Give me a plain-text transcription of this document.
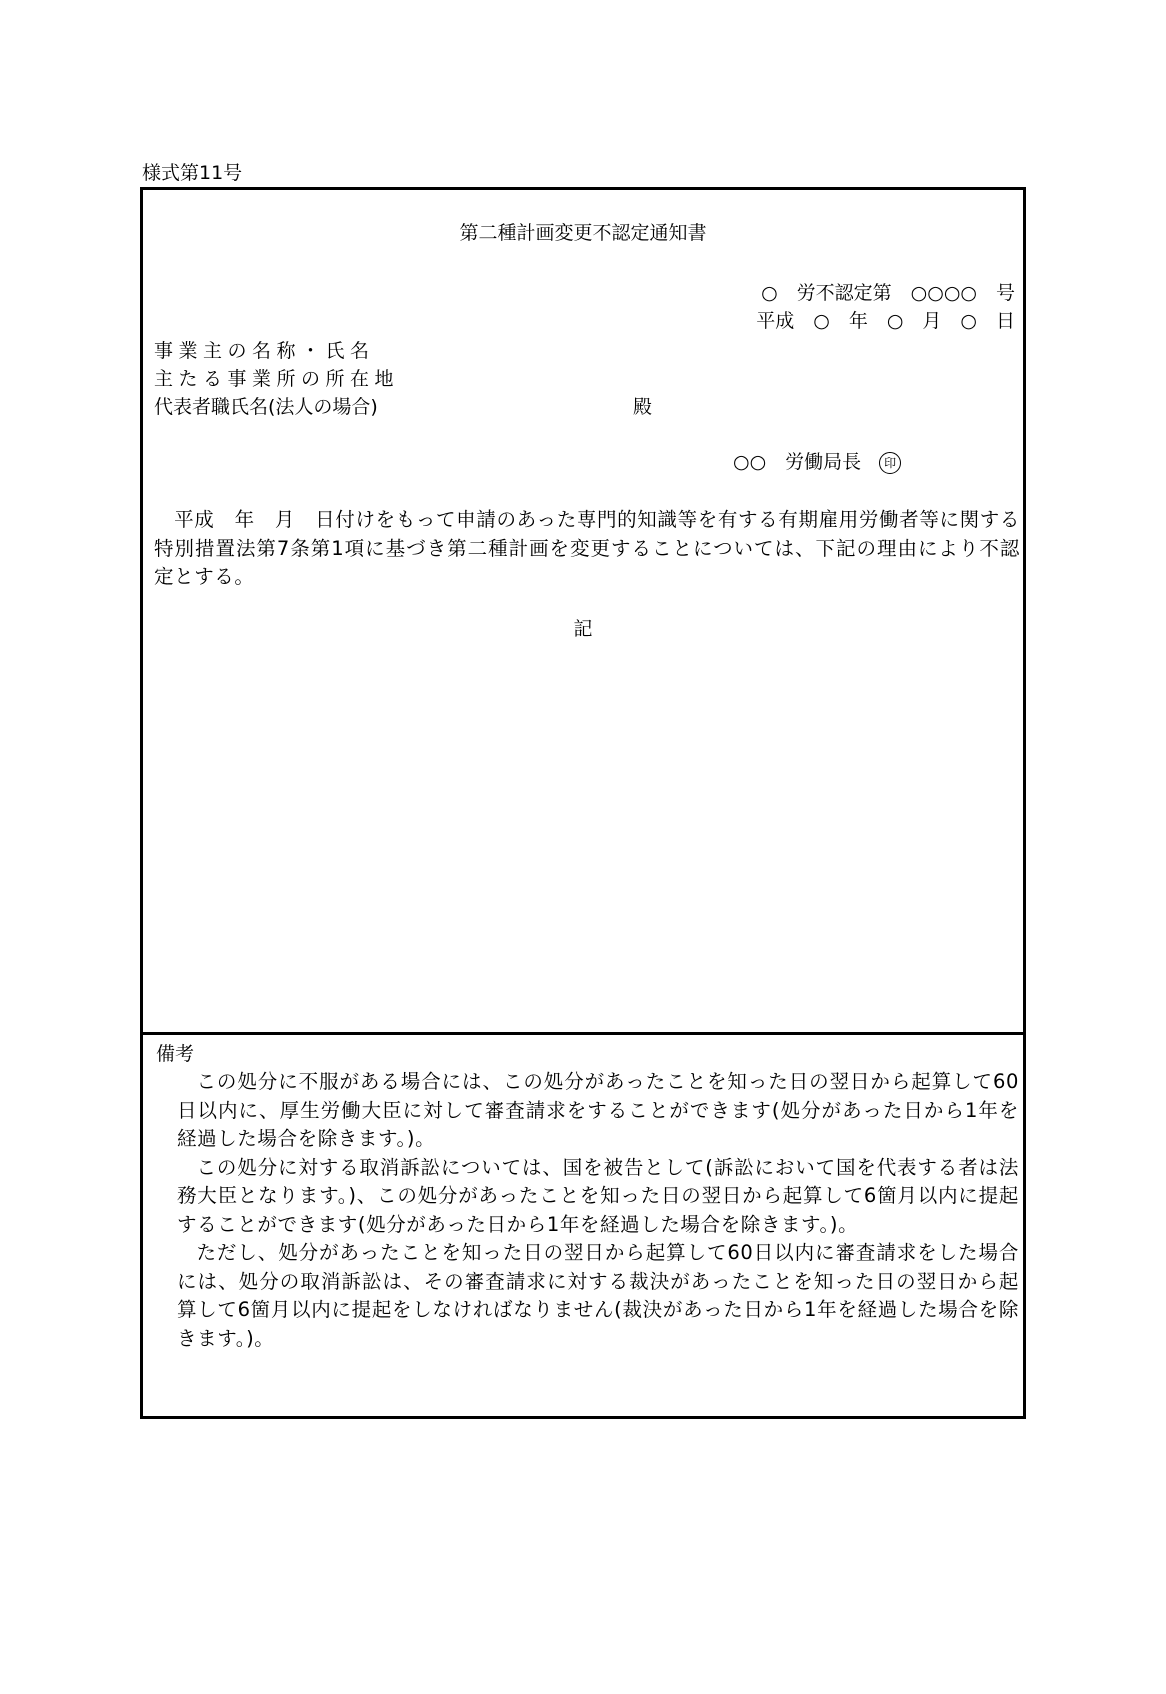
様式第11号
第二種計画変更不認定通知書
○　労不認定第　○○○○　号
平成　○　年　○　月　○　日
事業主の名称・氏名
主たる事業所の所在地
代表者職氏名(法人の場合)	殿
○○　労働局長 印
　平成　年　月　日付けをもって申請のあった専門的知識等を有する有期雇用労働者等に関する特別措置法第7条第1項に基づき第二種計画を変更することについては、下記の理由により不認定とする。
記
備考

この処分に不服がある場合には、この処分があったことを知った日の翌日から起算して60日以内に、厚生労働大臣に対して審査請求をすることができます(処分があった日から1年を経過した場合を除きます。)。

この処分に対する取消訴訟については、国を被告として(訴訟において国を代表する者は法務大臣となります。)、この処分があったことを知った日の翌日から起算して6箇月以内に提起することができます(処分があった日から1年を経過した場合を除きます。)。

ただし、処分があったことを知った日の翌日から起算して60日以内に審査請求をした場合には、処分の取消訴訟は、その審査請求に対する裁決があったことを知った日の翌日から起算して6箇月以内に提起をしなければなりません(裁決があった日から1年を経過した場合を除きます。)。
